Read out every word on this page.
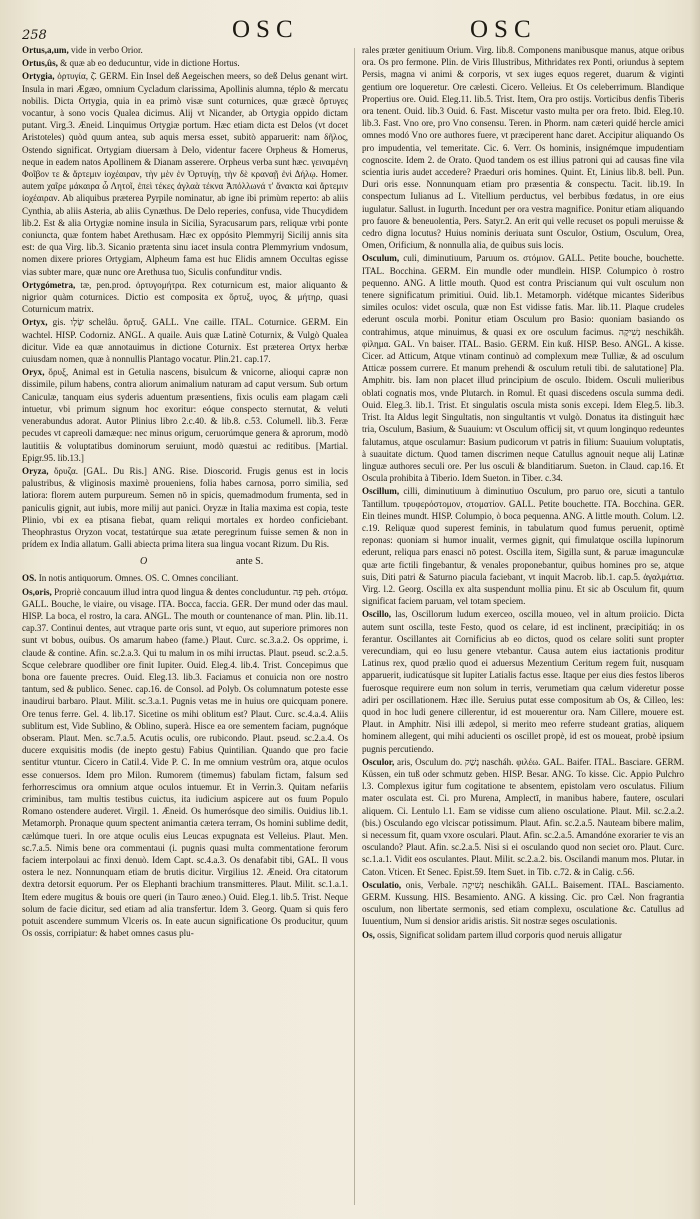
258	OSC	OSC

Ortus,a,um, vide in verbo Orior.

Ortus,ûs, & quæ ab eo deducuntur, vide in dictione Hortus.

Ortygia, ὀρτυγία, ζ̄. GERM. Ein Insel deß Aegeischen meers, so deß Delus genant wirt. Insula in mari Ægæo, omnium Cycladum clarissima, Apollinis alumna, téplo & mercatu nobilis. Dicta Ortygia, quia in ea primò visæ sunt coturnices, quæ græcè ὄρτυγες vocantur, à sono vocis Qualea dicimus. Alij vt Nicander, ab Ortygia oppido dictam putant. Virg.3. Æneid. Linquimus Ortygiæ portum. Hæc etiam dicta est Delos (vt docet Aristoteles) quòd quum antea, sub aquis mersa esset, subitò apparuerit: nam δῆλος, Ostendo significat. Ortygiam diuersam à Delo, videntur facere Orpheus & Homerus, neque in eadem natos Apollinem & Dianam asserere. Orpheus verba sunt hæc. γειναμένη Φοῖβον τε & ἄρτεμιν ἰοχέαιραν, τὴν μὲν ἐν Ὀρτυγίῃ, τὴν δὲ κραναῇ ἐνὶ Δήλῳ. Homer. autem χαῖρε μάκαιρα ὦ Λητοῖ, ἐπεὶ τέκες ἀγλαὰ τέκνα Ἀπόλλωνά τ' ἄνακτα καὶ ἄρτεμιν ἰοχέαιραν. Ab aliquibus præterea Pyrpile nominatur, ab igne ibi primùm reperto: ab aliis Cynthia, ab aliis Asteria, ab aliis Cynæthus. De Delo reperies, confusa, vide Thucydidem lib.2. Est & alia Ortygiæ nomine insula in Sicilia, Syracusarum pars, reliquæ vrbi ponte coniuncta, quæ fontem habet Arethusam. Hæc ex oppósito Plemmyrij Sicilij annis sita est: de qua Virg. lib.3. Sicanio prætenta sinu iacet insula contra Plemmyrium vndosum, nomen dixere priores Ortygiam, Alpheum fama est huc Elidis amnem Occultas egisse vias subter mare, quæ nunc ore Arethusa tuo, Siculis confunditur vndis.

Ortygómetra, tæ, pen.prod. ὀρτυγομήτρα. Rex coturnicum est, maior aliquanto & nigrior quàm coturnices. Dictio est composita ex ὄρτυξ, υγος, & μήτηρ, quasi Coturnicum matrix.

Ortyx, gis. שְׂלָו schelâu. ὄρτυξ. GALL. Vne caille. ITAL. Coturnice. GERM. Ein wachtel. HISP. Codorniz. ANGL. A quaile. Auis quæ Latinè Coturnix, & Vulgò Qualea dicitur. Vide ea quæ annotauimus in dictione Coturnix. Est præterea Ortyx herbæ cuiusdam nomen, quæ à nonnullis Plantago vocatur. Plin.21. cap.17.

Oryx, ὄρυξ, Animal est in Getulia nascens, bisulcum & vnicorne, alioqui capræ non dissimile, pilum habens, contra aliorum animalium naturam ad caput versum. Sub ortum Caniculæ, tanquam eius syderis aduentum præsentiens, fixis oculis eam plagam cæli intuetur, vbi primum signum hoc exoritur: eóque conspecto sternutat, & veluti venerabundus adorat. Autor Plinius libro 2.c.40. & lib.8. c.53. Columell. lib.3. Feræ pecudes vt capreoli damæque: nec minus origum, ceruorúmque genera & aprorum, modò lautitiis & voluptatibus dominorum seruiunt, modò quæstui ac reditibus. [Martial. Epigr.95. lib.13.]

Oryza, ὄρυζα. [GAL. Du Ris.] ANG. Rise. Dioscorid. Frugis genus est in locis palustribus, & vliginosis maximè proueniens, folia habes carnosa, porro similia, sed latiora: florem autem purpureum. Semen nō in spicis, quemadmodum frumenta, sed in paniculis gignit, aut iubis, more milij aut panici. Oryzæ in Italia maxima est copia, teste Plinio, vbi ex ea ptisana fiebat, quam reliqui mortales ex hordeo conficiebant. Theophrastus Oryzon vocat, testatúrque sua ætate peregrinum fuisse semen & non in prídem ex India allatum. Galli abiecta prima litera sua lingua vocant Rizum. Du Ris.

O	ante S.

OS. In notis antiquorum. Omnes. OS. C. Omnes conciliant.

Os,oris, Propriè concauum illud intra quod lingua & dentes concluduntur. פֶּה peh. στόμα. GALL. Bouche, le viaire, ou visage. ITA. Bocca, faccia. GER. Der mund oder das maul. HISP. La boca, el rostro, la cara. ANGL. The mouth or countenance of man. Plin. lib.11. cap.37. Continui dentes, aut vtraque parte oris sunt, vt equo, aut superiore primores non sunt vt bobus, ouibus. Os amarum habeo (fame.) Plaut. Curc. sc.3.a.2. Os opprime, i. claude & contine. Afin. sc.2.a.3. Qui tu malum in os mihi irructas. Plaut. pseud. sc.2.a.5. Scque celebrare quodliber ore finit Iupiter. Ouid. Eleg.4. lib.4. Trist. Concepimus que bona ore fauente precres. Ouid. Eleg.13. lib.3. Faciamus et conuicia non ore nostro tantum, sed & publico. Senec. cap.16. de Consol. ad Polyb. Os columnatum poteste esse inaudirui barbaro. Plaut. Milit. sc.3.a.1. Pugnis vetas me in huius ore quicquam ponere. Ore tenus ferre. Gel. 4. lib.17. Sicetine os mihi oblitum est? Plaut. Curc. sc.4.a.4. Aliis sublitum est, Vide Sublino, & Oblino, superà. Hisce ea ore sementem faciam, pugnóque obseram. Plaut. Men. sc.7.a.5. Acutis oculis, ore rubicondo. Plaut. pseud. sc.2.a.4. Os ducere exquisitis modis (de inepto gestu) Fabius Quintilian. Quando que pro facie sentitur vtuntur. Cicero in Catil.4. Vide P. C. In me omnium vestrûm ora, atque oculos esse conuersos. Idem pro Milon. Rumorem (timemus) fabulam fictam, falsum sed ferhorrescimus ora omnium atque oculos intuemur. Et in Verrin.3. Quitam nefariis criminibus, tam multis testibus cuictus, ita iudicium aspicere aut os fuum Populo Romano ostendere auderet. Virgil. 1. Æneid. Os humerósque deo similis. Ouidius lib.1. Metamorph. Pronaque quum spectent animantia cætera terram, Os homini sublime dedit, cælúmque tueri. In ore atque oculis eius Leucas expugnata est Velleius. Plaut. Men. sc.7.a.5. Nimis bene ora commentaui (i. pugnis quasi multa commentatione ferorum faciem interpolaui ac finxi denuò. Idem Capt. sc.4.a.3. Os denafabit tibi, GAL. Il vous ostera le nez. Nonnunquam etiam de brutis dicitur. Virgilius 12. Æneid. Ora citatorum dextra detorsit equorum. Per os Elephanti brachium transmitteres. Plaut. Milit. sc.1.a.1. Item edere mugitus & bouis ore queri (in Tauro æneo.) Ouid. Eleg.1. lib.5. Trist. Neque solum de facie dicitur, sed etiam ad alia transfertur. Idem 3. Georg. Quam si quis fero potuit ascendere summum Vlceris os. In eate aucun significatione Os producitur, quum Os ossis, corripiatur: & habet omnes casus plu-

rales præter genitiuum Orium. Virg. lib.8. Componens manibusque manus, atque oribus ora. Os pro fermone. Plin. de Viris Illustribus, Mithridates rex Ponti, oriundus à septem Persis, magna vi animi & corporis, vt sex iuges equos regeret, duarum & viginti gentium ore loqueretur. Ore cælesti. Cicero. Velleius. Et Os celeberrimum. Blandique Propertius ore. Ouid. Eleg.11. lib.5. Trist. Item, Ora pro ostijs. Vorticibus denfis Tiberis ora tenent. Ouid. lib.3 Ouid. 6. Fast. Miscetur vasto multa per ora freto. Ibid. Eleg.10. lib.3. Fast. Vno ore, pro Vno consensu. Teren. in Phorm. nam cæteri quidé hercle amici omnes modó Vno ore authores fuere, vt præciperent hanc daret. Accipitur aliquando Os pro impudentia, vel temeritate. Cic. 6. Verr. Os hominis, insignémque impudentiam cognoscite. Idem 2. de Orato. Quod tandem os est illius patroni qui ad causas fine vila scientia iuris audet accedere? Praeduri oris homines. Quint. Et, Linius lib.8. bell. Pun. Duri oris esse. Nonnunquam etiam pro præsentia & conspectu. Tacit. lib.19. In conspectum Iulianus ad L. Vitellium perductus, vel berbibus fœdatus, in ore eius iugulatur. Sallust. in Iugurth. Incedunt per ora vestra magnifice. Ponitur etiam aliquando pro fauore & beneuolentia, Pers. Satyr.2. An erit qui velle recuset os populi meruisse & cedro digna locutus? Huius nominis deriuata sunt Osculor, Ostium, Osculum, Orea, Omen, Orificium, & nonnulla alia, de quibus suis locis.

Osculum, culi, diminutiuum, Paruum os. στόμιον. GALL. Petite bouche, bouchette. ITAL. Bocchina. GERM. Ein mundle oder mundlein. HISP. Columpico ò rostro pequenno. ANG. A little mouth. Quod est contra Priscianum qui vult osculum non tenere significatum primitiui. Ouid. lib.1. Metamorph. vidétque micantes Sideribus similes oculos: videt oscula, quæ non Est vidisse fatis. Mar. lib.11. Plaque crudeles ederunt oscula morbi. Ponitur etiam Osculum pro Basio: quoniam basiando os contrahimus, atque minuimus, & quasi ex ore osculum facimus. נְשִׁיקָה neschikâh. φίλημα. GAL. Vn baiser. ITAL. Basio. GERM. Ein kuß. HISP. Beso. ANGL. A kisse. Cicer. ad Atticum, Atque vtinam continuò ad complexum meæ Tulliæ, & ad osculum Atticæ possem currere. Et manum prehendi & osculum retuli tibi. de salutatione] Pla. Amphitr. bis. Iam non placet illud principium de osculo. Ibidem. Osculi mulieribus oblati cognatis mos, vnde Plutarch. in Romul. Et quasi discedens oscula summa dedi. Ouid. Eleg.3. lib.1. Trist. Et singulatis oscula mista sonis excepi. Idem Eleg.5. lib.3. Trist. Ita Aldus legit Singultatis, non singultantis vt vulgò. Donatus ita distinguit hæc tria, Osculum, Basium, & Suauium: vt Osculum officij sit, vt quum longinquo redeuntes falutamus, atque osculamur: Basium pudicorum vt patris in filium: Suauium voluptatis, à suauitate dictum. Quod tamen discrimen neque Catullus agnouit neque alij Latinæ linguæ authores seculi ore. Per lus osculi & blanditiarum. Sueton. in Claud. cap.16. Et Oscula prohibita à Tiberio. Idem Sueton. in Tiber. c.34.

Oscillum, cilli, diminutiuum à diminutiuo Osculum, pro paruo ore, sicuti a tantulo Tantillum. τρυφερόστομον, στοματίον. GALL. Petite bouchette. ITA. Bocchina. GER. Ein tleines mundt. HISP. Columpio, ò boca pequenna. ANG. A little mouth. Colum. l.2. c.19. Reliquæ quod superest feminis, in tabulatum quod fumus peruenit, optimè reponas: quoniam si humor inualit, vermes gignit, qui fimulatque oscilla lupinorum ederunt, reliqua pars enasci nō potest. Oscilla item, Sigilla sunt, & paruæ imagunculæ quæ arte fictili fingebantur, & venales proponebantur, quibus homines pro se, atque suis, Diti patri & Saturno piacula faciebant, vt inquit Macrob. lib.1. cap.5. ἀγαλμάτια. Virg. l.2. Georg. Oscilla ex alta suspendunt mollia pinu. Et sic ab Osculum fit, quum significat faciem paruam, vel totam speciem.

Oscillo, las, Oscillorum ludum exerceo, oscilla moueo, vel in altum proiicio. Dicta autem sunt oscilla, teste Festo, quod os celare, id est inclinent, præcipitiáq; in os ferantur. Oscillantes ait Cornificius ab eo dictos, quod os celare soliti sunt propter verecundiam, qui eo lusu genere vtebantur. Causa autem eius iactationis proditur Latinus rex, quod prælio quod ei aduersus Mezentium Ceritum regem fuit, nusquam apparuerit, iudicatúsque sit Iupiter Latialis factus esse. Itaque per eius dies festos liberos fuerosque requirere eum non solum in terris, verumetiam qua cælum videretur posse adiri per oscillationem. Hæc ille. Seruius putat esse compositum ab Os, & Cilleo, les: quod in hoc ludi genere cillerentur, id est mouerentur ora. Nam Cillere, mouere est. Plaut. in Amphitr. Nisi illi ædepol, si merito meo referre studeant gratias, aliquem hominem allegent, qui mihi aducienti os oscillet propè, id est os moueat, probè ipsium pugnis percutiendo.

Osculor, aris, Osculum do. נָשַׁק nascháh. φιλέω. GAL. Baifer. ITAL. Basciare. GERM. Küssen, ein tuß oder schmutz geben. HISP. Besar. ANG. To kisse. Cic. Appio Pulchro l.3. Complexus igitur fum cogitatione te absentem, epistolam vero osculatus. Filium mater osculata est. Ci. pro Murena, Amplectī, in manibus habere, fautere, osculari aliquem. Ci. Lentulo l.1. Eam se vidisse cum alieno osculatione. Plaut. Mil. sc.2.a.2. (bis.) Osculando ego vlciscar potissimum. Plaut. Afin. sc.2.a.5. Nauteam bibere malim, si necessum fit, quam vxore osculari. Plaut. Afin. sc.2.a.5. Amandóne exorarier te vis an osculando? Plaut. Afin. sc.2.a.5. Nisi si ei osculando quod non seciet oro. Plaut. Curc. sc.1.a.1. Vidit eos osculantes. Plaut. Milit. sc.2.a.2. bis. Oscilandi manum mos. Plutar. in Caton. Vticen. Et Senec. Epist.59. Item Suet. in Tib. c.72. & in Calig. c.56.

Osculatio, onis, Verbale. נְשִׁיקָה neschikâh. GALL. Baisement. ITAL. Basciamento. GERM. Kussung. HIS. Besamiento. ANG. A kissing. Cic. pro Cæl. Non fragrantia osculum, non libertate sermonis, sed etiam complexu, osculatione &c. Catullus ad Iuuentium, Num si densior aridis aristis. Sit nostræ seges osculationis.

Os, ossis, Significat solidam partem illud corporis quod neruis alligatur
